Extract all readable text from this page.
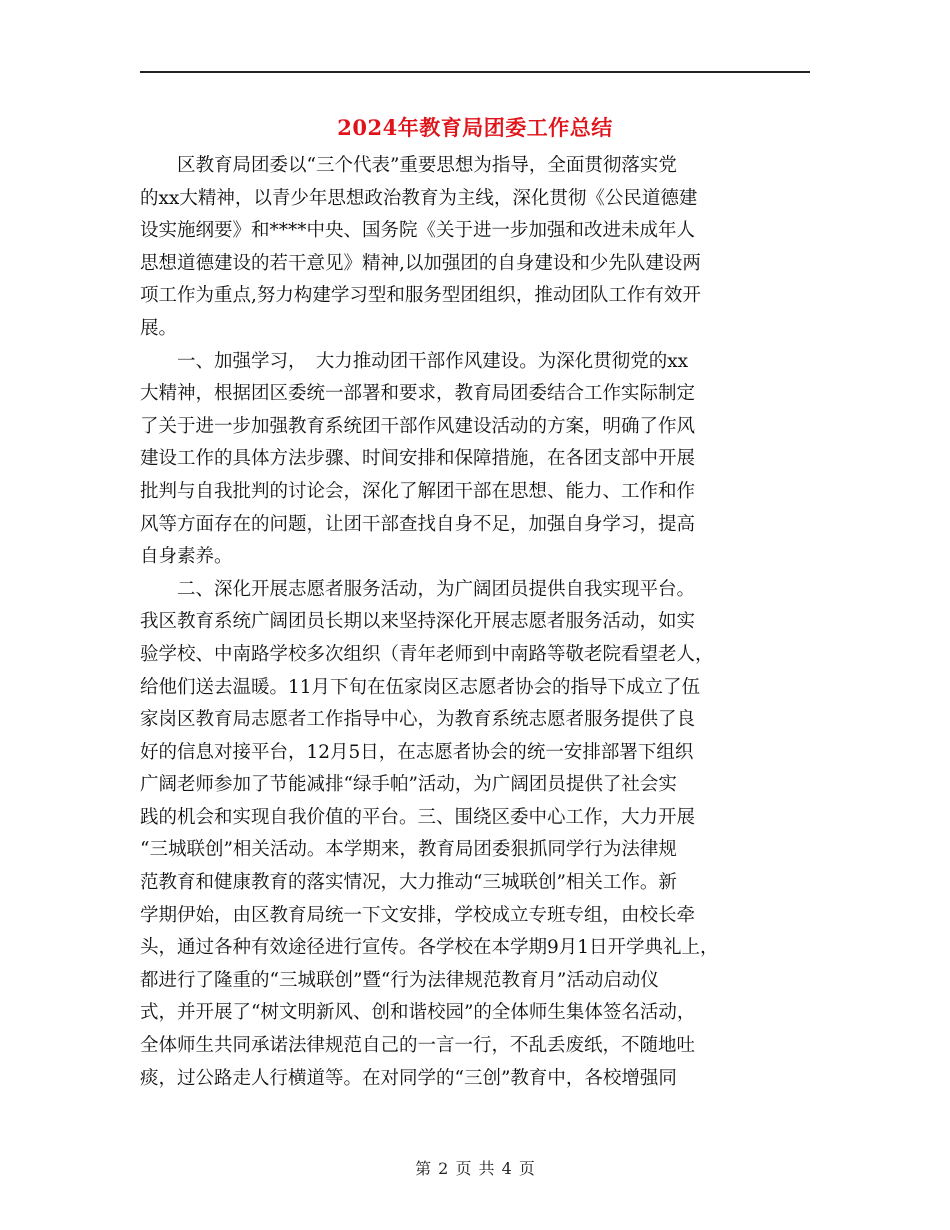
2024年教育局团委工作总结
　　区教育局团委以“三个代表”重要思想为指导，全面贯彻落实党
的xx大精神，以青少年思想政治教育为主线，深化贯彻《公民道德建
设实施纲要》和****中央、国务院《关于进一步加强和改进未成年人
思想道德建设的若干意见》精神,以加强团的自身建设和少先队建设两
项工作为重点,努力构建学习型和服务型团组织，推动团队工作有效开
展。
　　一、加强学习，　大力推动团干部作风建设。为深化贯彻党的xx
大精神，根据团区委统一部署和要求，教育局团委结合工作实际制定
了关于进一步加强教育系统团干部作风建设活动的方案，明确了作风
建设工作的具体方法步骤、时间安排和保障措施，在各团支部中开展
批判与自我批判的讨论会，深化了解团干部在思想、能力、工作和作
风等方面存在的问题，让团干部查找自身不足，加强自身学习，提高
自身素养。
　　二、深化开展志愿者服务活动，为广阔团员提供自我实现平台。
我区教育系统广阔团员长期以来坚持深化开展志愿者服务活动，如实
验学校、中南路学校多次组织（青年老师到中南路等敬老院看望老人，
给他们送去温暖。11月下旬在伍家岗区志愿者协会的指导下成立了伍
家岗区教育局志愿者工作指导中心，为教育系统志愿者服务提供了良
好的信息对接平台，12月5日，在志愿者协会的统一安排部署下组织
广阔老师参加了节能减排“绿手帕”活动，为广阔团员提供了社会实
践的机会和实现自我价值的平台。三、围绕区委中心工作，大力开展
“三城联创”相关活动。本学期来，教育局团委狠抓同学行为法律规
范教育和健康教育的落实情况，大力推动“三城联创”相关工作。新
学期伊始，由区教育局统一下文安排，学校成立专班专组，由校长牵
头，通过各种有效途径进行宣传。各学校在本学期9月1日开学典礼上，
都进行了隆重的“三城联创”暨“行为法律规范教育月”活动启动仪
式，并开展了“树文明新风、创和谐校园”的全体师生集体签名活动，
全体师生共同承诺法律规范自己的一言一行，不乱丢废纸，不随地吐
痰，过公路走人行横道等。在对同学的“三创”教育中，各校增强同
第 2 页 共 4 页
